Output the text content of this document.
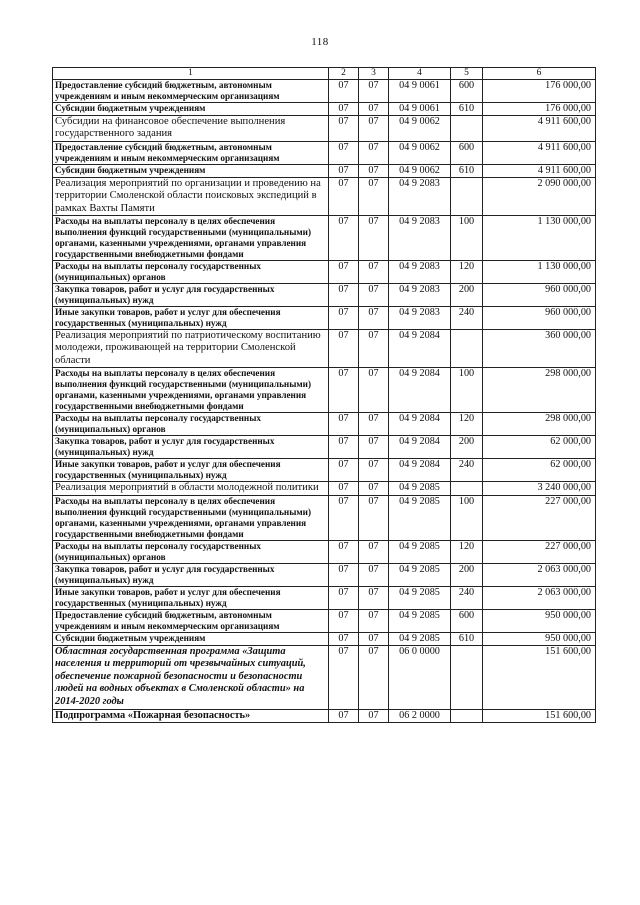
118
1	2	3	4	5	6
Предоставление субсидий бюджетным, автономным учреждениям и иным некоммерческим организациям	07	07	04 9 0061	600	176 000,00
Субсидии бюджетным учреждениям	07	07	04 9 0061	610	176 000,00
Субсидии на финансовое обеспечение выполнения государственного задания	07	07	04 9 0062		4 911 600,00
Предоставление субсидий бюджетным, автономным учреждениям и иным некоммерческим организациям	07	07	04 9 0062	600	4 911 600,00
Субсидии бюджетным учреждениям	07	07	04 9 0062	610	4 911 600,00
Реализация мероприятий по организации и проведению на территории Смоленской области поисковых экспедиций в рамках Вахты Памяти	07	07	04 9 2083		2 090 000,00
Расходы на выплаты персоналу в целях обеспечения выполнения функций государственными (муниципальными) органами, казенными учреждениями, органами управления государственными внебюджетными фондами	07	07	04 9 2083	100	1 130 000,00
Расходы на выплаты персоналу государственных (муниципальных) органов	07	07	04 9 2083	120	1 130 000,00
Закупка товаров, работ и услуг для государственных (муниципальных) нужд	07	07	04 9 2083	200	960 000,00
Иные закупки товаров, работ и услуг для обеспечения государственных (муниципальных) нужд	07	07	04 9 2083	240	960 000,00
Реализация мероприятий по патриотическому воспитанию молодежи, проживающей на территории Смоленской области	07	07	04 9 2084		360 000,00
Расходы на выплаты персоналу в целях обеспечения выполнения функций государственными (муниципальными) органами, казенными учреждениями, органами управления государственными внебюджетными фондами	07	07	04 9 2084	100	298 000,00
Расходы на выплаты персоналу государственных (муниципальных) органов	07	07	04 9 2084	120	298 000,00
Закупка товаров, работ и услуг для государственных (муниципальных) нужд	07	07	04 9 2084	200	62 000,00
Иные закупки товаров, работ и услуг для обеспечения государственных (муниципальных) нужд	07	07	04 9 2084	240	62 000,00
Реализация мероприятий в области молодежной политики	07	07	04 9 2085		3 240 000,00
Расходы на выплаты персоналу в целях обеспечения выполнения функций государственными (муниципальными) органами, казенными учреждениями, органами управления государственными внебюджетными фондами	07	07	04 9 2085	100	227 000,00
Расходы на выплаты персоналу государственных (муниципальных) органов	07	07	04 9 2085	120	227 000,00
Закупка товаров, работ и услуг для государственных (муниципальных) нужд	07	07	04 9 2085	200	2 063 000,00
Иные закупки товаров, работ и услуг для обеспечения государственных (муниципальных) нужд	07	07	04 9 2085	240	2 063 000,00
Предоставление субсидий бюджетным, автономным учреждениям и иным некоммерческим организациям	07	07	04 9 2085	600	950 000,00
Субсидии бюджетным учреждениям	07	07	04 9 2085	610	950 000,00
Областная государственная программа «Защита населения и территорий от чрезвычайных ситуаций, обеспечение пожарной безопасности и безопасности людей на водных объектах в Смоленской области» на 2014-2020 годы	07	07	06 0 0000		151 600,00
Подпрограмма «Пожарная безопасность»	07	07	06 2 0000		151 600,00
